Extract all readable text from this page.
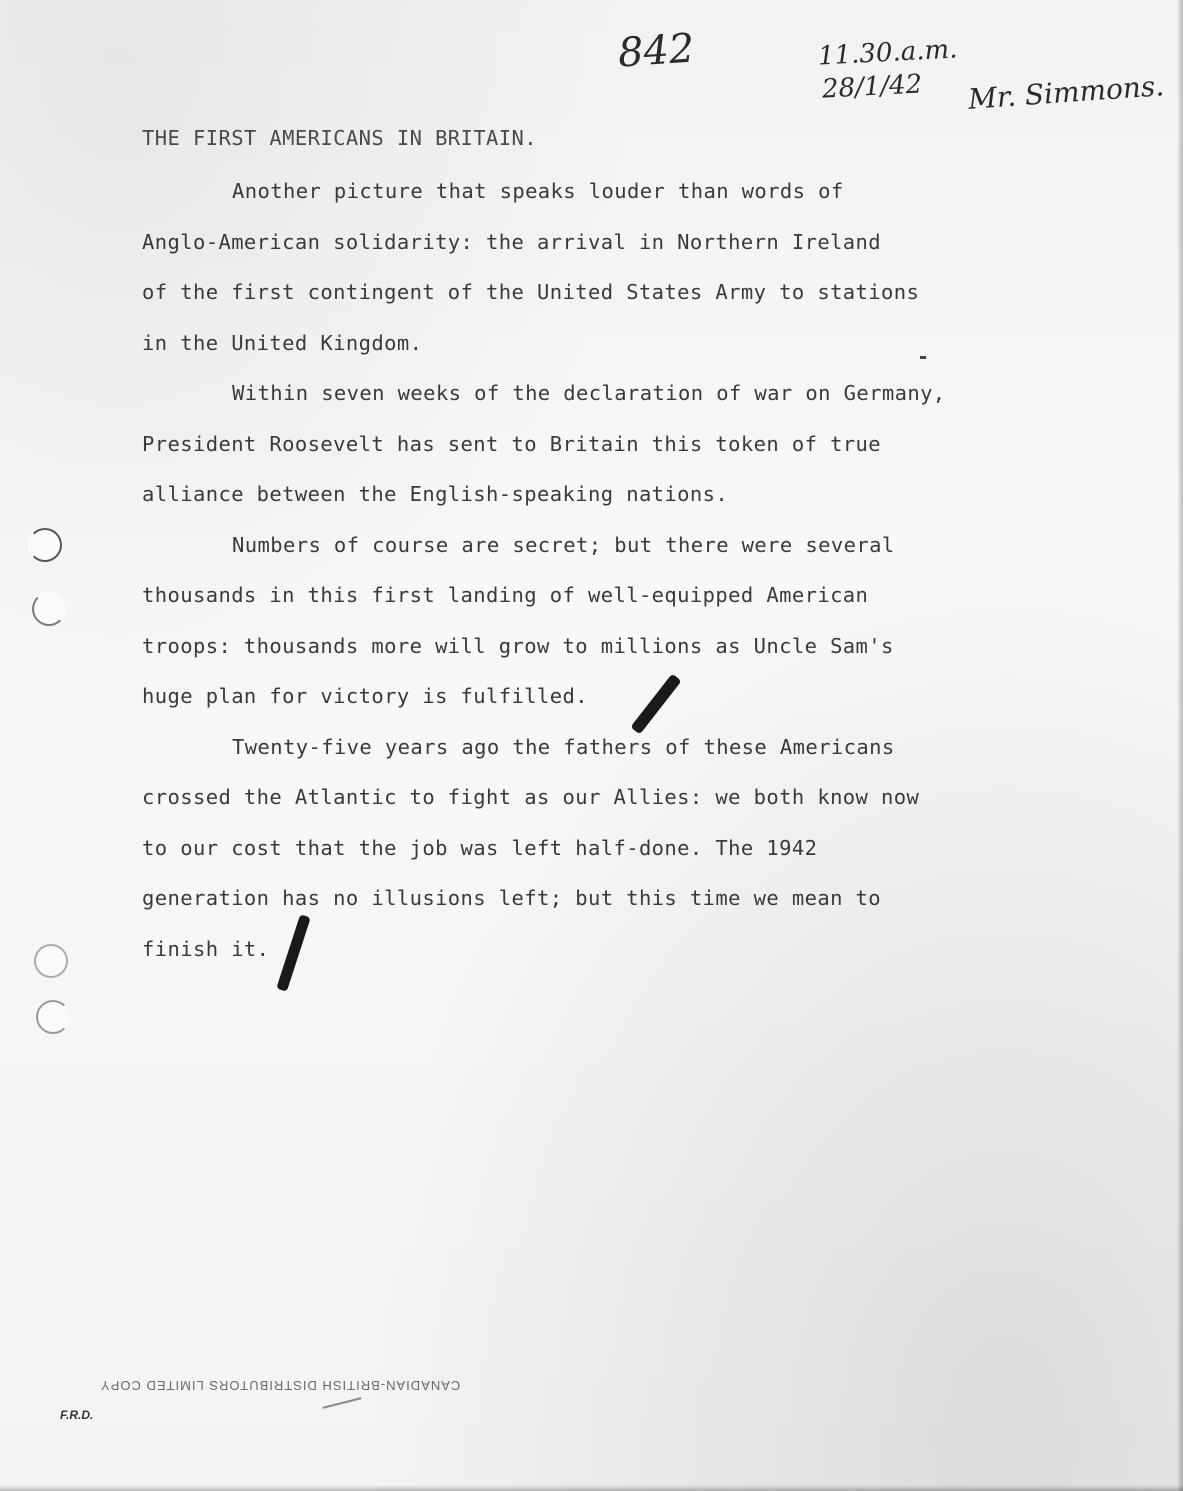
842	11.30.a.m.
28/1/42 Mr. Simmons.
THE FIRST AMERICANS IN BRITAIN.
Another picture that speaks louder than words of
Anglo-American solidarity: the arrival in Northern Ireland
of the first contingent of the United States Army to stations
in the United Kingdom.
Within seven weeks of the declaration of war on Germany,
President Roosevelt has sent to Britain this token of true
alliance between the English-speaking nations.
Numbers of course are secret; but there were several
thousands in this first landing of well-equipped American
troops: thousands more will grow to millions as Uncle Sam's
huge plan for victory is fulfilled.
Twenty-five years ago the fathers of these Americans
crossed the Atlantic to fight as our Allies: we both know now
to our cost that the job was left half-done. The 1942
generation has no illusions left; but this time we mean to
finish it.
CANADIAN-BRITISH DISTRIBUTORS LIMITED COPY
F.R.D.
